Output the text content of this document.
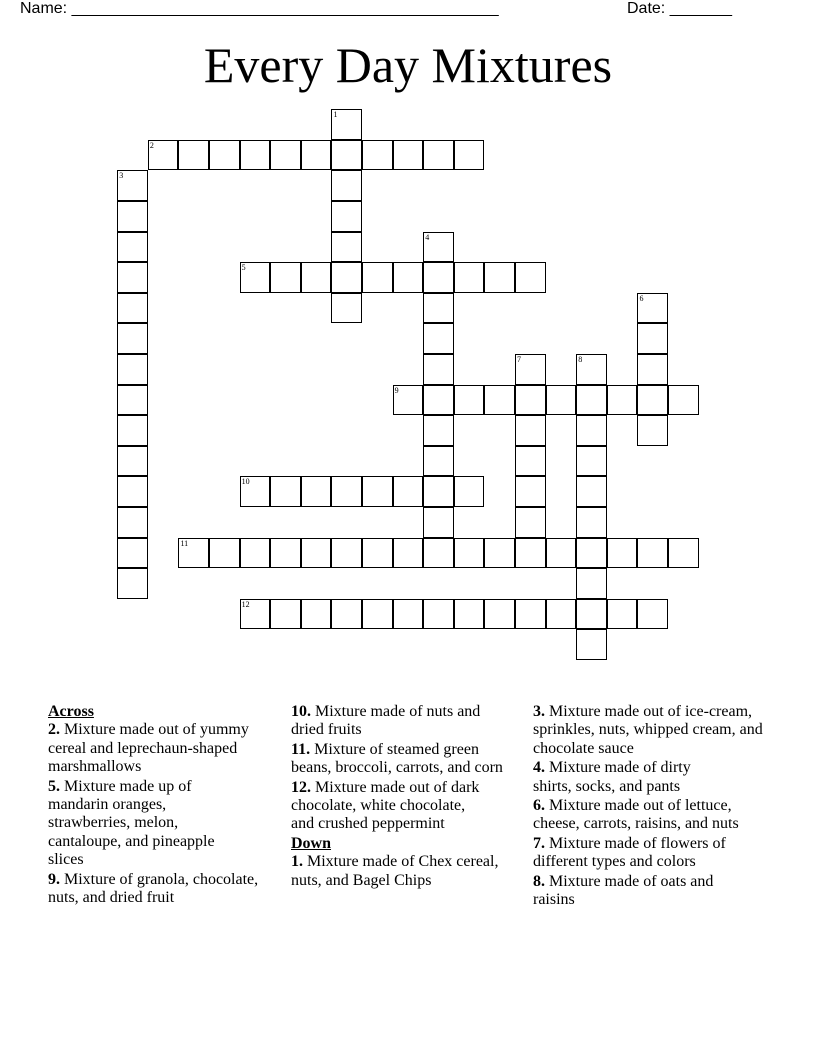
Name: ________________________________________________	Date: _______
Every Day Mixtures
1
2
3
4
5
6
7	8
9
10
11
12
Across
2. Mixture made out of yummy cereal and leprechaun-shaped marshmallows
5. Mixture made up of mandarin oranges, strawberries, melon, cantaloupe, and pineapple slices
9. Mixture of granola, chocolate, nuts, and dried fruit
10. Mixture made of nuts and dried fruits
11. Mixture of steamed green beans, broccoli, carrots, and corn
12. Mixture made out of dark chocolate, white chocolate, and crushed peppermint
Down
1. Mixture made of Chex cereal, nuts, and Bagel Chips
3. Mixture made out of ice-cream, sprinkles, nuts, whipped cream, and chocolate sauce
4. Mixture made of dirty shirts, socks, and pants
6. Mixture made out of lettuce, cheese, carrots, raisins, and nuts
7. Mixture made of flowers of different types and colors
8. Mixture made of oats and raisins
